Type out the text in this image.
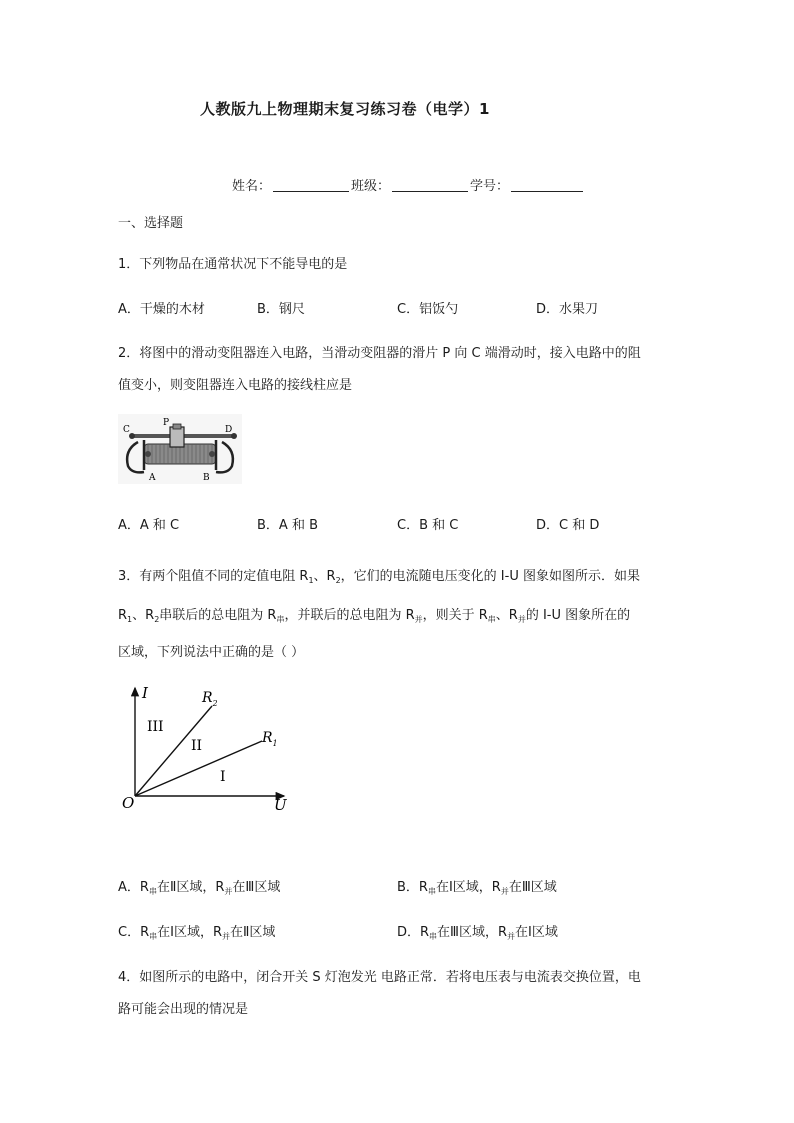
人教版九上物理期末复习练习卷（电学）1
姓名：	班级：	学号：
一、选择题
1．下列物品在通常状况下不能导电的是
A．干燥的木材	B．钢尺	C．铝饭勺	D．水果刀
2．将图中的滑动变阻器连入电路，当滑动变阻器的滑片 P 向 C 端滑动时，接入电路中的阻
值变小，则变阻器连入电路的接线柱应是
C
P
D
A	B
A．A 和 C	B．A 和 B	C．B 和 C	D．C 和 D
3．有两个阻值不同的定值电阻 $R_1$、$R_2$，它们的电流随电压变化的 I-U 图象如图所示．如果
$R_1$、$R_2$串联后的总电阻为 $R_串$，并联后的总电阻为 $R_并$，则关于 $R_串$、$R_并$的 I-U 图象所在的
区域，下列说法中正确的是（ ）
I
U
O
$R_2$
$R_1$
III
II
I
A．$R_串$在Ⅱ区域，$R_并$在Ⅲ区域	B．$R_串$在Ⅰ区域，$R_并$在Ⅲ区域
C．$R_串$在Ⅰ区域，$R_并$在Ⅱ区域	D．$R_串$在Ⅲ区域，$R_并$在Ⅰ区域
4．如图所示的电路中，闭合开关 S 灯泡发光 电路正常．若将电压表与电流表交换位置，电
路可能会出现的情况是
